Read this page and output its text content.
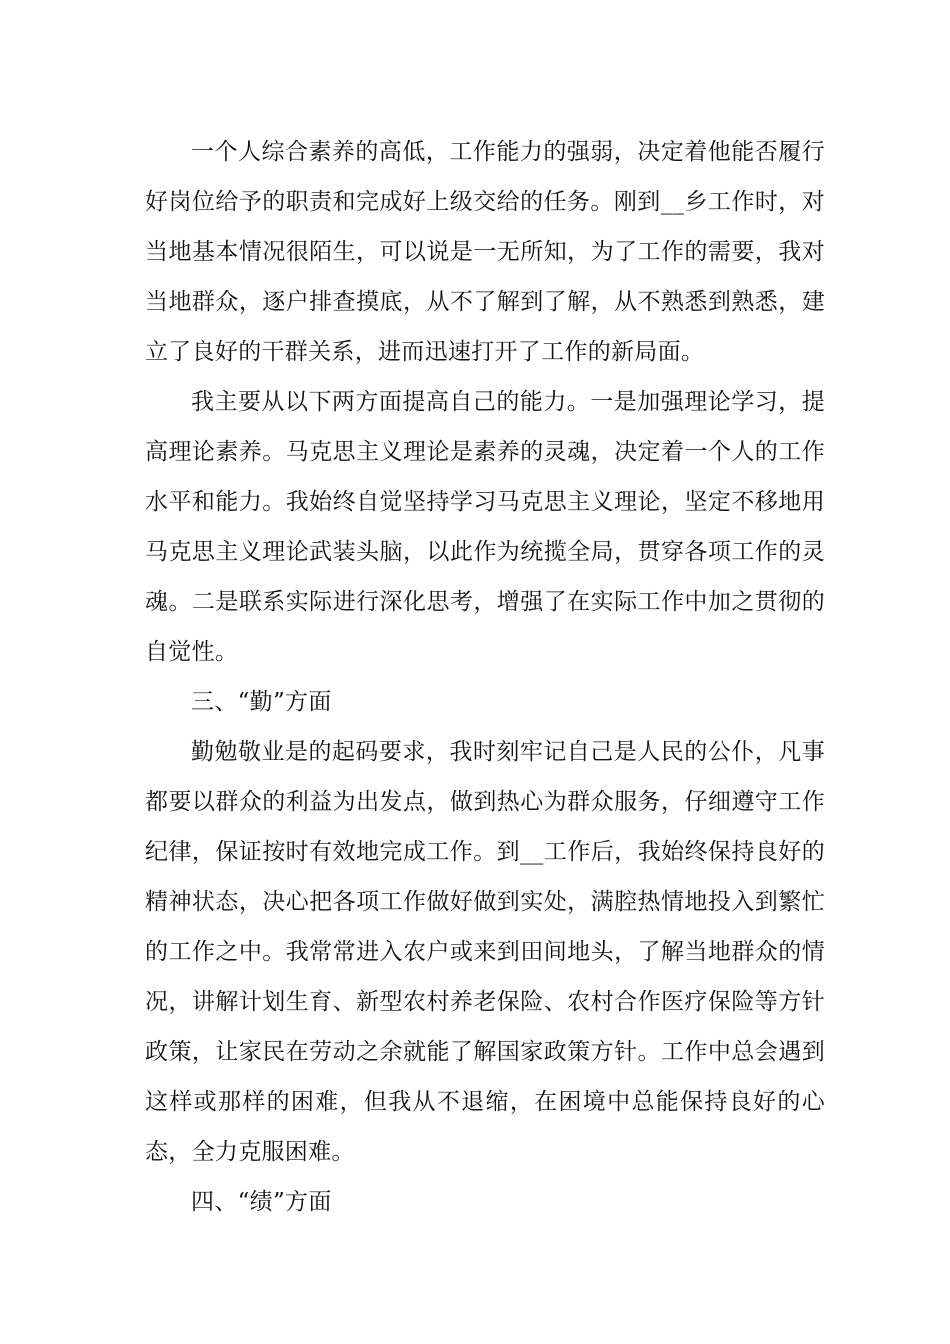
一个人综合素养的高低，工作能力的强弱，决定着他能否履行好岗位给予的职责和完成好上级交给的任务。刚到__乡工作时，对当地基本情况很陌生，可以说是一无所知，为了工作的需要，我对当地群众，逐户排查摸底，从不了解到了解，从不熟悉到熟悉，建立了良好的干群关系，进而迅速打开了工作的新局面。

我主要从以下两方面提高自己的能力。一是加强理论学习，提高理论素养。马克思主义理论是素养的灵魂，决定着一个人的工作水平和能力。我始终自觉坚持学习马克思主义理论，坚定不移地用马克思主义理论武装头脑，以此作为统揽全局，贯穿各项工作的灵魂。二是联系实际进行深化思考，增强了在实际工作中加之贯彻的自觉性。

三、“勤”方面

勤勉敬业是的起码要求，我时刻牢记自己是人民的公仆，凡事都要以群众的利益为出发点，做到热心为群众服务，仔细遵守工作纪律，保证按时有效地完成工作。到__工作后，我始终保持良好的精神状态，决心把各项工作做好做到实处，满腔热情地投入到繁忙的工作之中。我常常进入农户或来到田间地头，了解当地群众的情况，讲解计划生育、新型农村养老保险、农村合作医疗保险等方针政策，让家民在劳动之余就能了解国家政策方针。工作中总会遇到这样或那样的困难，但我从不退缩，在困境中总能保持良好的心态，全力克服困难。

四、“绩”方面
